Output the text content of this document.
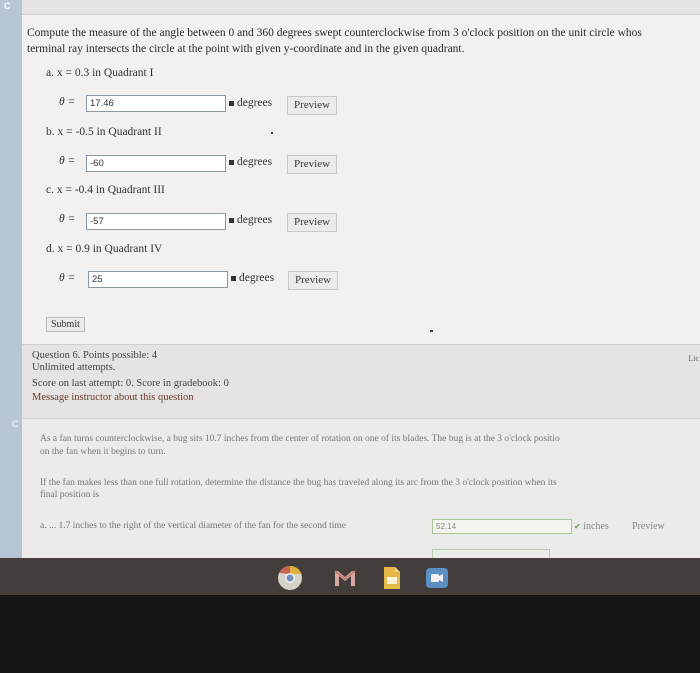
C
C
Compute the measure of the angle between 0 and 360 degrees swept counterclockwise from 3 o'clock position on the unit circle whos
terminal ray intersects the circle at the point with given y-coordinate and in the given quadrant.
a. x = 0.3 in Quadrant I
θ =	17.46	degrees	Preview
b. x = -0.5 in Quadrant II
θ =	-60	degrees	Preview
c. x = -0.4 in Quadrant III
θ =	-57	degrees	Preview
d. x = 0.9 in Quadrant IV
θ =	25	degrees	Preview
Submit
Question 6. Points possible: 4
Unlimited attempts.
Score on last attempt: 0. Score in gradebook: 0
Message instructor about this question
Lic
As a fan turns counterclockwise, a bug sits 10.7 inches from the center of rotation on one of its blades. The bug is at the 3 o'clock positio
on the fan when it begins to turn.
If the fan makes less than one full rotation, determine the distance the bug has traveled along its arc from the 3 o'clock position when its
final position is
a. ... 1.7 inches to the right of the vertical diameter of the fan for the second time	52.14	✔ inches Preview
